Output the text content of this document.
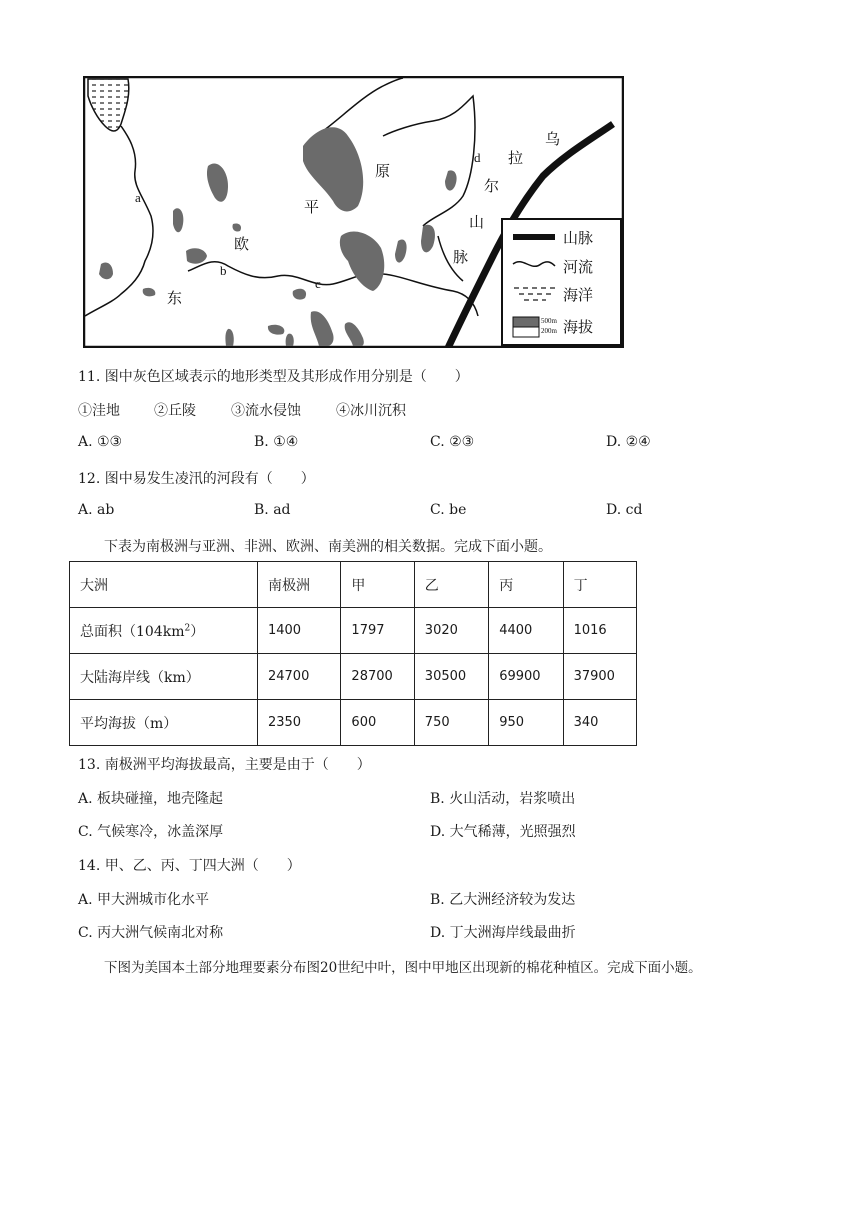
a
b
c
d
东
欧
平
原
乌
拉
尔
山
脉
山脉
河流
海洋
500m
200m 海拔
11. 图中灰色区域表示的地形类型及其形成作用分别是（　　）
①洼地 ②丘陵	③流水侵蚀	④冰川沉积
A. ①③	B. ①④	C. ②③	D. ②④
12. 图中易发生凌汛的河段有（　　）
A. ab	B. ad	C. be	D. cd
下表为南极洲与亚洲、非洲、欧洲、南美洲的相关数据。完成下面小题。
大洲	南极洲	甲	乙	丙	丁
总面积$(104km^2)$	1400	1797	3020	4400	1016
大陆海岸线（km）	24700	28700	30500	69900	37900
平均海拔（m）	2350	600	750	950	340
13. 南极洲平均海拔最高，主要是由于（　　）
A. 板块碰撞，地壳隆起	B. 火山活动，岩浆喷出
C. 气候寒冷，冰盖深厚	D. 大气稀薄，光照强烈
14. 甲、乙、丙、丁四大洲（　　）
A. 甲大洲城市化水平	B. 乙大洲经济较为发达
C. 丙大洲气候南北对称	D. 丁大洲海岸线最曲折
下图为美国本土部分地理要素分布图20世纪中叶，图中甲地区出现新的棉花种植区。完成下面小题。
